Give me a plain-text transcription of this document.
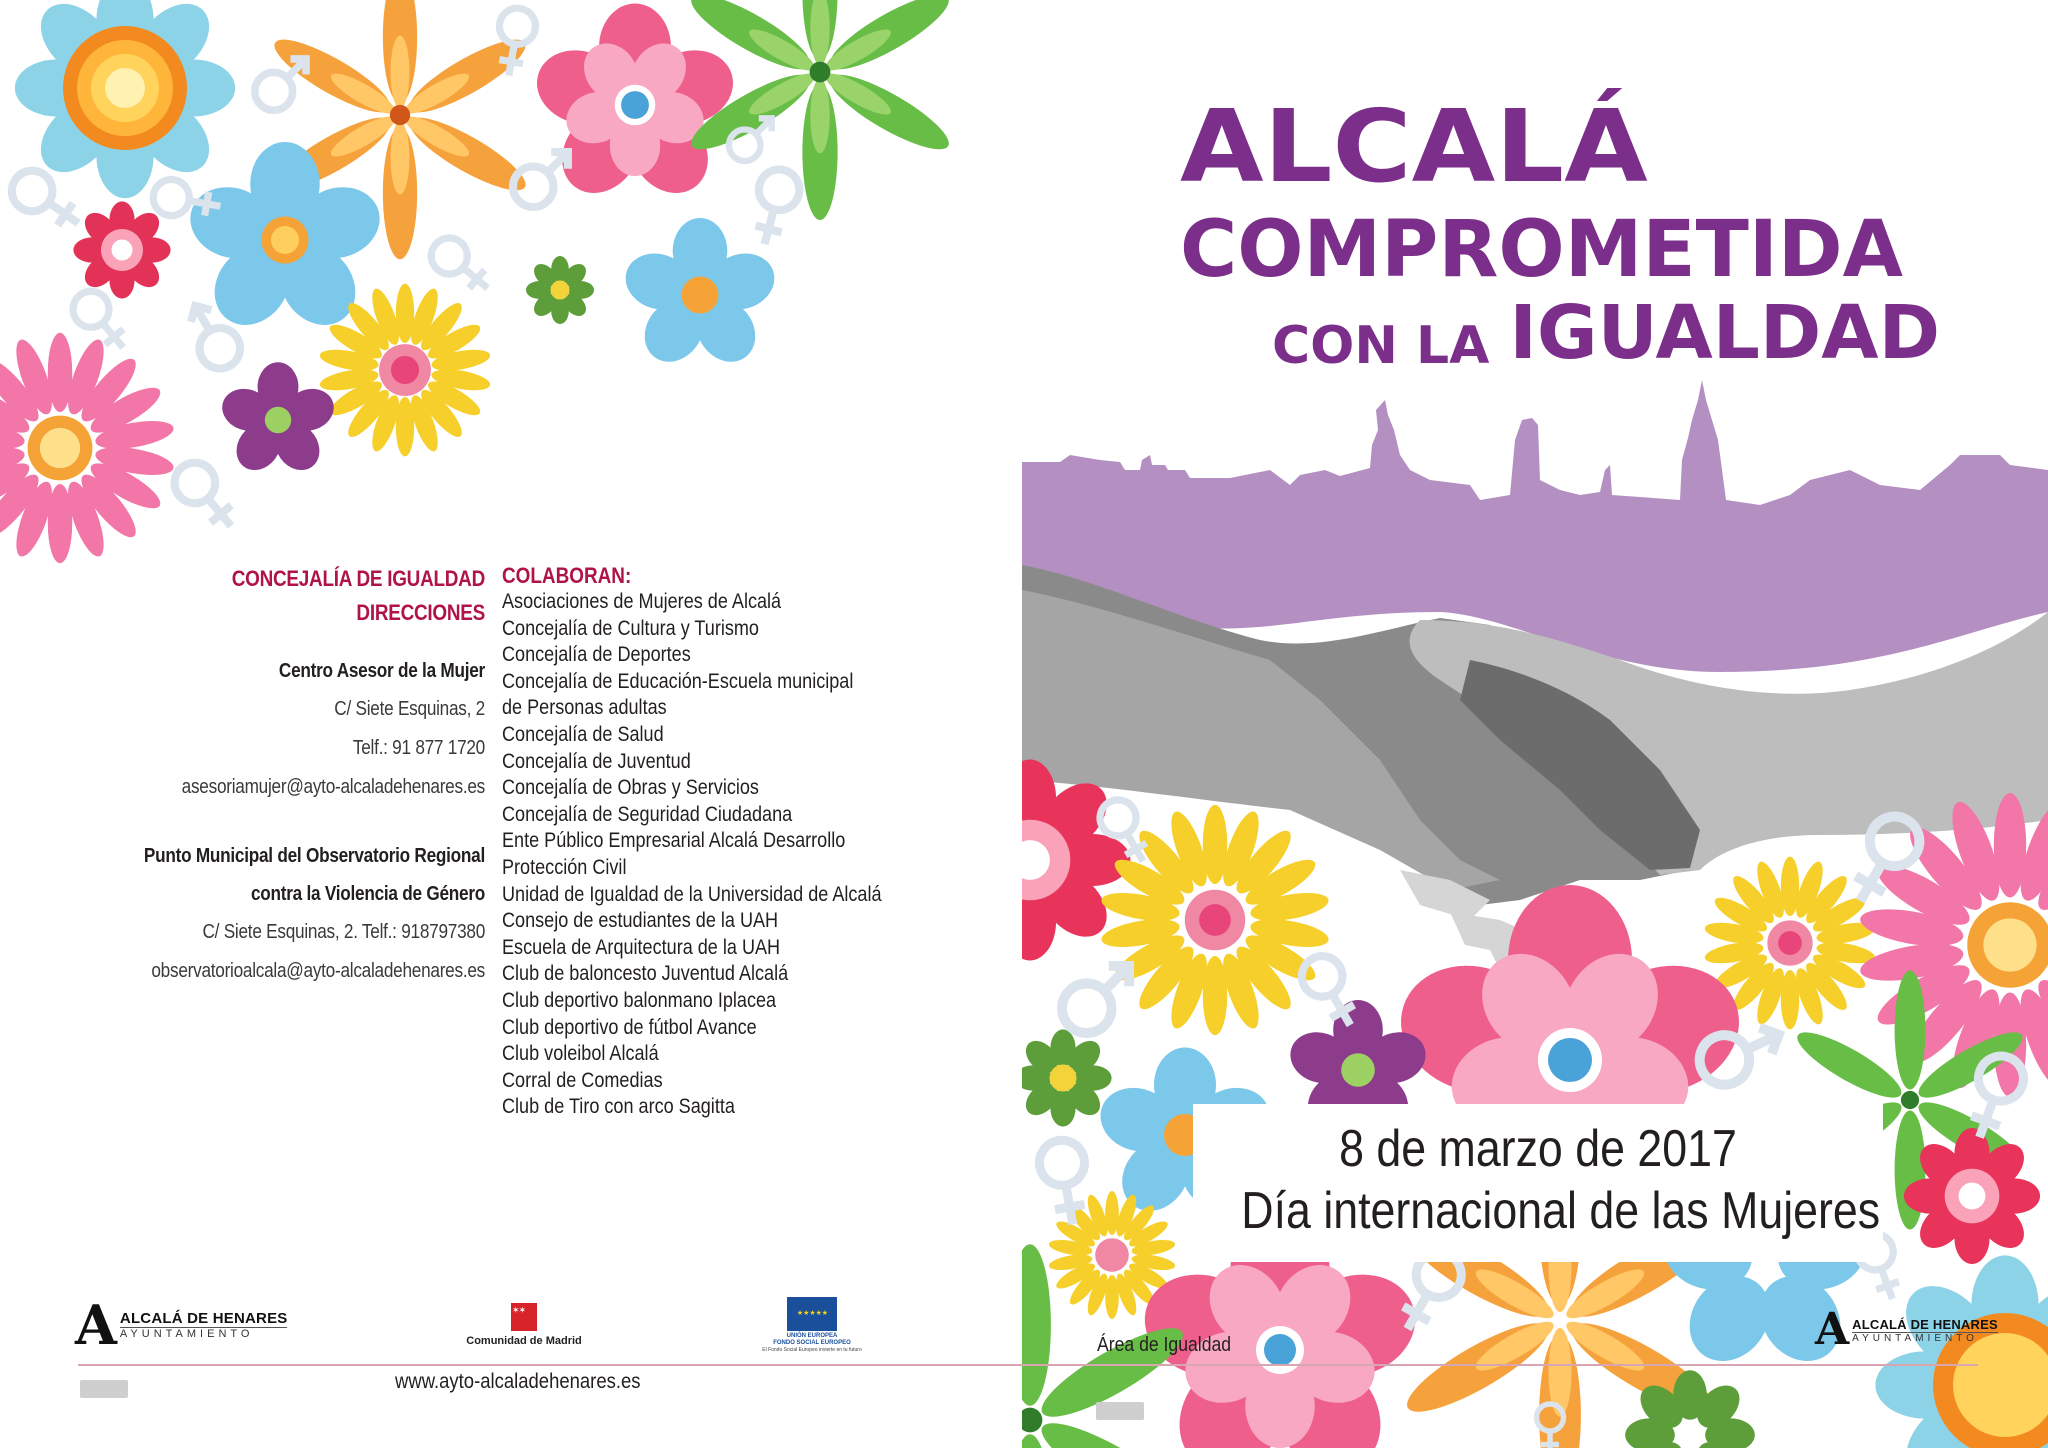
CONCEJALÍA DE IGUALDAD
DIRECCIONES
Centro Asesor de la Mujer
C/ Siete Esquinas, 2
Telf.: 91 877 1720
asesoriamujer@ayto-alcaladehenares.es
Punto Municipal del Observatorio Regional
contra la Violencia de Género
C/ Siete Esquinas, 2. Telf.: 918797380
observatorioalcala@ayto-alcaladehenares.es
COLABORAN:
Asociaciones de Mujeres de Alcalá
Concejalía de Cultura y Turismo
Concejalía de Deportes
Concejalía de Educación-Escuela municipal
de Personas adultas
Concejalía de Salud
Concejalía de Juventud
Concejalía de Obras y Servicios
Concejalía de Seguridad Ciudadana
Ente Público Empresarial Alcalá Desarrollo
Protección Civil
Unidad de Igualdad de la Universidad de Alcalá
Consejo de estudiantes de la UAH
Escuela de Arquitectura de la UAH
Club de baloncesto Juventud Alcalá
Club deportivo balonmano Iplacea
Club deportivo de fútbol Avance
Club voleibol Alcalá
Corral de Comedias
Club de Tiro con arco Sagitta
A ALCALÁ DE HENARES
AYUNTAMIENTO
✶✶
Comunidad de Madrid
★ ★ ★ ★ ★
UNIÓN EUROPEA
FONDO SOCIAL EUROPEO
El Fondo Social Europeo invierte en tu futuro
www.ayto-alcaladehenares.es
ALCALÁ
COMPROMETIDA
CON LA IGUALDAD
8 de marzo de 2017
Día internacional de las Mujeres
Área de Igualdad	A ALCALÁ DE HENARES
AYUNTAMIENTO
